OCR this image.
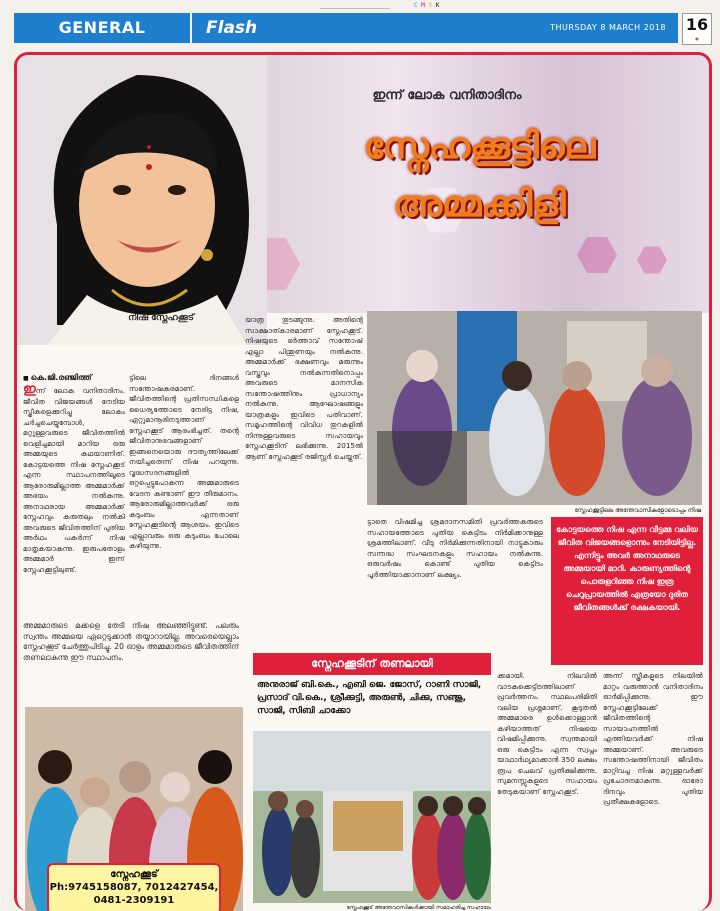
C M Y K
GENERAL	Flash	THURSDAY 8 MARCH 2018 16
●
ഇന്ന് ലോക വനിതാദിനം
സ്നേഹക്കൂട്ടിലെ
അമ്മക്കിളി
നിഷ സ്നേഹക്കൂട്
■ കെ.ജി.രഞ്ജിത്ത്
ഇന്ന് ലോക വനിതാദിനം. ജീവിത വിജയങ്ങൾ നേടിയ സ്ത്രീകളെക്കുറിച്ചു ലോകം ചർച്ചചെയ്യുമ്പോൾ, മറ്റുള്ളവരുടെ ജീവിതത്തിൽ വെളിച്ചമായി മാറിയ ഒരു അമ്മയുടെ കഥയാണിത്. കോട്ടയത്തെ നിഷ സ്നേഹക്കൂട് എന്ന സ്ഥാപനത്തിലൂടെ ആരോരുമില്ലാത്ത അമ്മമാർക്ക് അഭയം നൽകുന്നു. അനാഥരായ അമ്മമാർക്ക് സ്നേഹവും കരുതലും നൽകി അവരുടെ ജീവിതത്തിന് പുതിയ അർഥം പകർന്ന് നിഷ മാതൃകയാകുന്നു. ഇരുപതോളം അമ്മമാർ ഇന്ന് സ്നേഹക്കൂട്ടിലുണ്ട്.
ട്ടിലെ ദിനങ്ങൾ സന്തോഷകരമാണ്. ജീവിതത്തിന്റെ പ്രതിസന്ധികളെ ധൈര്യത്തോടെ നേരിട്ട നിഷ, ഏറ്റുമാനൂരിനടുത്താണ് സ്നേഹക്കൂട് ആരംഭിച്ചത്. തന്റെ ജീവിതാനുഭവങ്ങളാണ് ഇങ്ങനെയൊരു ദൗത്യത്തിലേക്ക് നയിച്ചതെന്ന് നിഷ പറയുന്നു. വൃദ്ധസദനങ്ങളിൽ ഒറ്റപ്പെട്ടുപോകുന്ന അമ്മമാരുടെ വേദന കണ്ടാണ് ഈ തീരുമാനം. ആരോരുമില്ലാത്തവർക്ക് ഒരു കുടുംബം എന്നതാണ് സ്നേഹക്കൂടിന്റെ ആശയം. ഇവിടെ എല്ലാവരും ഒരു കുടുംബം പോലെ കഴിയുന്നു.
യാത്ര തുടങ്ങുന്നു. അതിന്റെ സാക്ഷാത്കാരമാണ് സ്നേഹക്കൂട്. നിഷയുടെ ഭർത്താവ് സന്തോഷ് എല്ലാ പിന്തുണയും നൽകുന്നു. അമ്മമാർക്ക് ഭക്ഷണവും മരുന്നും വസ്ത്രവും നൽകുന്നതിനൊപ്പം അവരുടെ മാനസിക സന്തോഷത്തിനും പ്രാധാന്യം നൽകുന്നു. ആഘോഷങ്ങളും യാത്രകളും ഇവിടെ പതിവാണ്. സമൂഹത്തിന്റെ വിവിധ തുറകളിൽ നിന്നുള്ളവരുടെ സഹായവും സ്നേഹക്കൂടിന് ലഭിക്കുന്നു. 2015ൽ ആണ് സ്നേഹക്കൂട് രജിസ്റ്റർ ചെയ്തത്.
സ്നേഹക്കൂട്ടിലെ അന്തേവാസികളോടൊപ്പം നിഷ
ട്ടാതെ വിഷമിച്ച ശ്രമദാനസമിതി പ്രവർത്തകരുടെ സഹായത്തോടെ പുതിയ കെട്ടിടം നിർമിക്കാനുള്ള ശ്രമത്തിലാണ്. വീടു നിർമിക്കുന്നതിനായി നാട്ടുകാരും സന്നദ്ധ സംഘടനകളും സഹായം നൽകുന്നു. ഒരുവർഷം കൊണ്ട് പുതിയ കെട്ടിടം പൂർത്തിയാക്കാനാണ് ലക്ഷ്യം.
കോട്ടയത്തെ നിഷ എന്ന വീട്ടമ്മ വലിയ ജീവിത വിജയങ്ങളൊന്നും നേടിയിട്ടില്ല. എന്നിട്ടും അവർ അനാഥരുടെ അമ്മയായി മാറി. കാരുണ്യത്തിന്റെ പൊരുളറിഞ്ഞ നിഷ ഇത്ര ചെറുപ്രായത്തിൽ എത്രയോ ദുരിത ജീവിതങ്ങൾക്ക് രക്ഷകയായി.
അമ്മമാരുടെ മക്കളെ തേടി നിഷ അലഞ്ഞിട്ടുണ്ട്. പലരും സ്വന്തം അമ്മയെ ഏറ്റെടുക്കാൻ തയ്യാറായില്ല. അവരെയെല്ലാം സ്നേഹക്കൂട് ചേർത്തുപിടിച്ചു. 20 ഓളം അമ്മമാരുടെ ജീവിതത്തിന് തണലാകുന്നു ഈ സ്ഥാപനം.
സ്നേഹക്കൂട്
Ph:9745158087, 7012427454,
0481-2309191
സ്നേഹക്കൂടിന് തണലായി
അനുരാജ് ബി.കെ., എബി ജെ. ജോസ്, റാണി സാജി, പ്രസാദ് വി.കെ., ശ്രീക്കുട്ടി, അരുൺ, ചിക്കു, സഞ്ജു, സാജി, സിബി ചാക്കോ
സ്നേഹക്കൂട് അന്തേവാസികൾക്കായി സമാഹരിച്ച സഹായം
ക്കമായി. നിലവിൽ വാടകക്കെട്ടിടത്തിലാണ് പ്രവർത്തനം. സ്ഥലപരിമിതി വലിയ പ്രശ്നമാണ്. കൂടുതൽ അമ്മമാരെ ഉൾക്കൊള്ളാൻ കഴിയാത്തത് നിഷയെ വിഷമിപ്പിക്കുന്നു. സ്വന്തമായി ഒരു കെട്ടിടം എന്ന സ്വപ്നം യാഥാർഥ്യമാക്കാൻ 350 ലക്ഷം രൂപ ചെലവ് പ്രതീക്ഷിക്കുന്നു. സുമനസ്സുകളുടെ സഹായം തേടുകയാണ് സ്നേഹക്കൂട്.
അന്ന് സ്ത്രീകളുടെ നിലയിൽ മാറ്റം വരുത്താൻ വനിതാദിനം ഓർമിപ്പിക്കുന്നു. ഈ സ്നേഹക്കൂട്ടിലേക്ക് ജീവിതത്തിന്റെ സായാഹ്നത്തിൽ എത്തിയവർക്ക് നിഷ അമ്മയാണ്. അവരുടെ സന്തോഷത്തിനായി ജീവിതം മാറ്റിവച്ച നിഷ മറ്റുള്ളവർക്ക് പ്രചോദനമാകുന്നു. ഓരോ ദിനവും പുതിയ പ്രതീക്ഷകളോടെ.
